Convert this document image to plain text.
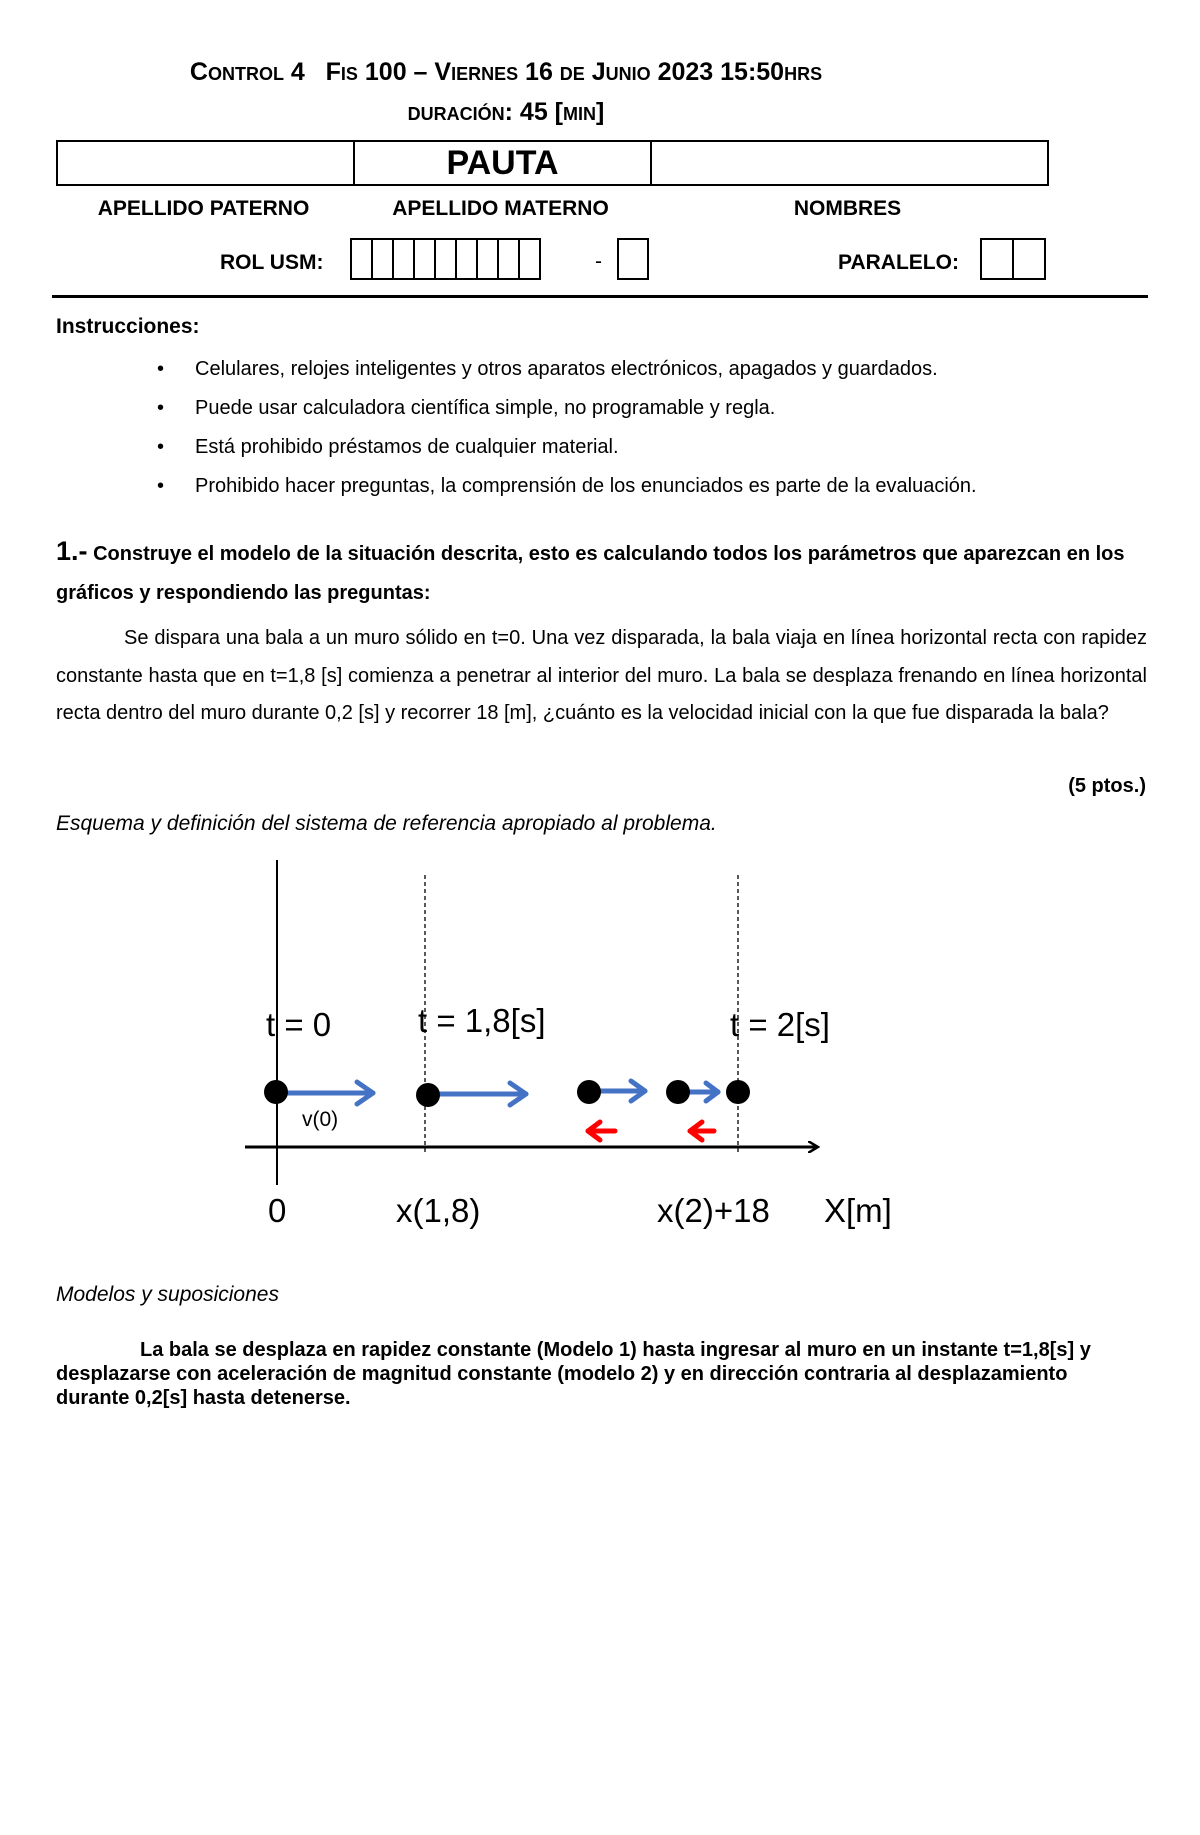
Control 4 Fis 100 – Viernes 16 de Junio 2023 15:50hrs
duración: 45 [min]
	PAUTA	
APELLIDO PATERNO	APELLIDO MATERNO	NOMBRES
ROL USM:	-	PARALELO:
Instrucciones:
• Celulares, relojes inteligentes y otros aparatos electrónicos, apagados y guardados.
• Puede usar calculadora científica simple, no programable y regla.
• Está prohibido préstamos de cualquier material.
• Prohibido hacer preguntas, la comprensión de los enunciados es parte de la evaluación.
1.- Construye el modelo de la situación descrita, esto es calculando todos los parámetros que aparezcan en los gráficos y respondiendo las preguntas:
Se dispara una bala a un muro sólido en t=0. Una vez disparada, la bala viaja en línea horizontal recta con rapidez constante hasta que en t=1,8 [s] comienza a penetrar al interior del muro. La bala se desplaza frenando en línea horizontal recta dentro del muro durante 0,2 [s] y recorrer 18 [m], ¿cuánto es la velocidad inicial con la que fue disparada la bala?
(5 ptos.)
Esquema y definición del sistema de referencia apropiado al problema.
t = 0	t = 1,8[s]	t = 2[s]
v(0)
0	x(1,8)	x(2)+18 X[m]
Modelos y suposiciones
La bala se desplaza en rapidez constante (Modelo 1) hasta ingresar al muro en un instante t=1,8[s] y desplazarse con aceleración de magnitud constante (modelo 2) y en dirección contraria al desplazamiento durante 0,2[s] hasta detenerse.
